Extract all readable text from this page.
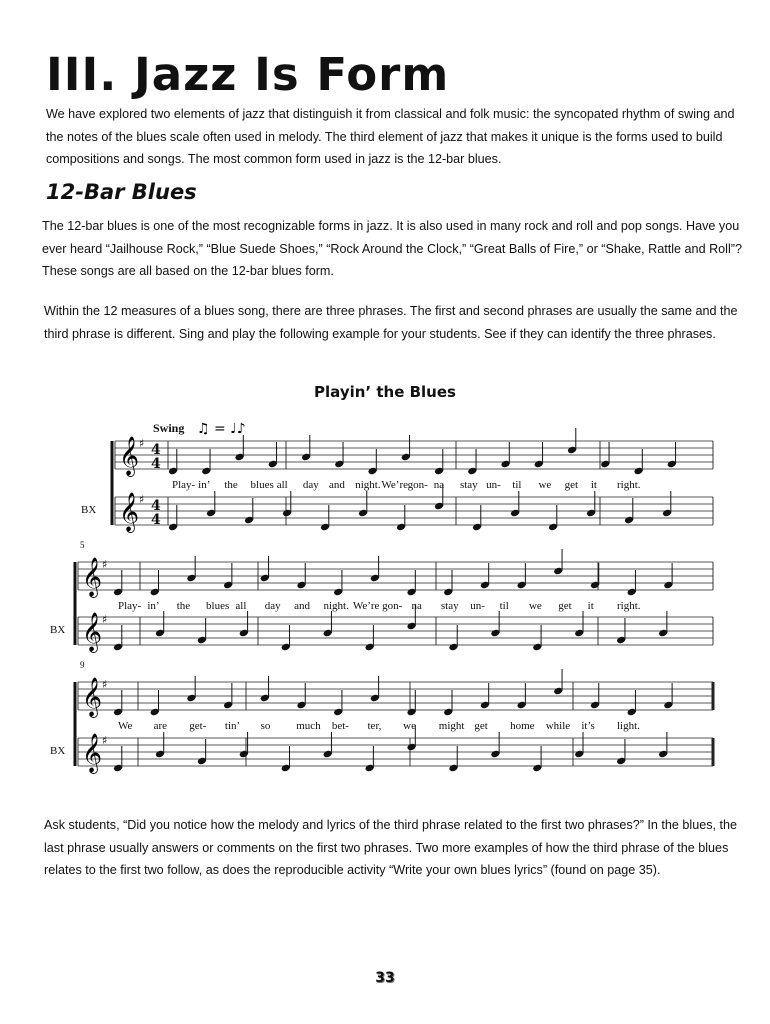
III. Jazz Is Form

We have explored two elements of jazz that distinguish it from classical and folk music: the syncopated rhythm of swing and the notes of the blues scale often used in melody. The third element of jazz that makes it unique is the forms used to build compositions and songs. The most common form used in jazz is the 12-bar blues.

12-Bar Blues

The 12-bar blues is one of the most recognizable forms in jazz. It is also used in many rock and roll and pop songs. Have you ever heard “Jailhouse Rock,” “Blue Suede Shoes,” “Rock Around the Clock,” “Great Balls of Fire,” or “Shake, Rattle and Roll”? These songs are all based on the 12-bar blues form.

Within the 12 measures of a blues song, there are three phrases. The first and second phrases are usually the same and the third phrase is different. Sing and play the following example for your students. See if they can identify the three phrases.

Playin’ the Blues
Swing ♫ = ♩♪
𝄞 ♯
𝄞 ♯
4
4
4
4
BX
Play- in’ the blues all day and night. We’re gon- na stay un- til we get it right.
𝄞 ♯
𝄞 ♯
BX
5
Play- in’ the blues all day and night. We’re gon- na stay un- til we get it right.
𝄞 ♯
𝄞 ♯
BX
9
We are get- tin’ so much bet- ter, we might get home while it’s light.

Ask students, “Did you notice how the melody and lyrics of the third phrase related to the first two phrases?” In the blues, the last phrase usually answers or comments on the first two phrases. Two more examples of how the third phrase of the blues relates to the first two follow, as does the reproducible activity “Write your own blues lyrics” (found on page 35).

33
